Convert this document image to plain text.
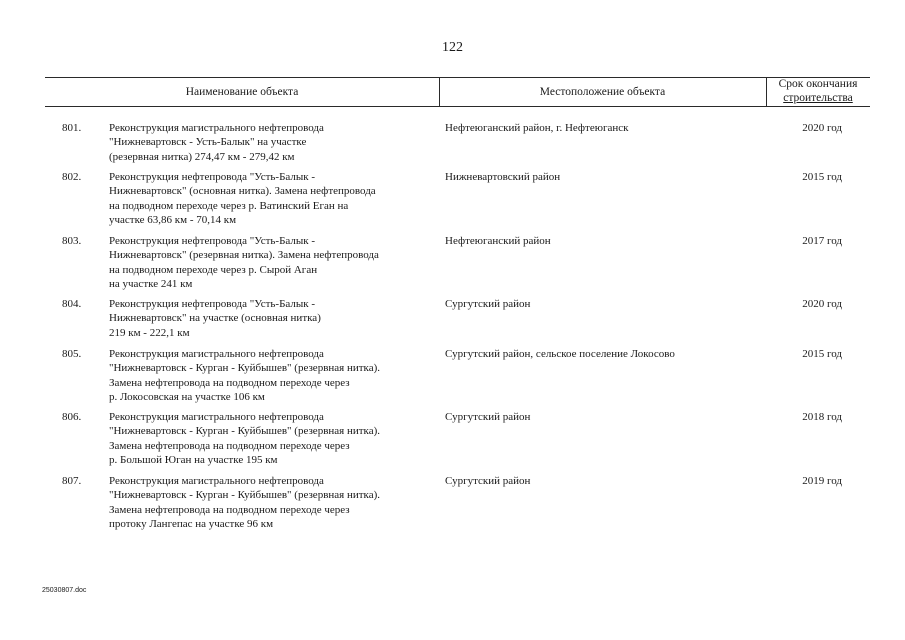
122
Наименование объекта	Местоположение объекта
Срок окончания
строительства
801.	Реконструкция магистрального нефтепровода
"Нижневартовск - Усть-Балык" на участке
(резервная нитка) 274,47 км - 279,42 км
Нефтеюганский район, г. Нефтеюганск	2020 год
802.	Реконструкция нефтепровода "Усть-Балык -
Нижневартовск" (основная нитка). Замена нефтепровода
на подводном переходе через р. Ватинский Еган на
участке 63,86 км - 70,14 км
Нижневартовский район	2015 год
803.	Реконструкция нефтепровода "Усть-Балык -
Нижневартовск" (резервная нитка). Замена нефтепровода
на подводном переходе через р. Сырой Аган
на участке 241 км
Нефтеюганский район	2017 год
804.	Реконструкция нефтепровода "Усть-Балык -
Нижневартовск" на участке (основная нитка)
219 км - 222,1 км
Сургутский район	2020 год
805.	Реконструкция магистрального нефтепровода
"Нижневартовск - Курган - Куйбышев" (резервная нитка).
Замена нефтепровода на подводном переходе через
р. Локосовская на участке 106 км
Сургутский район, сельское поселение Локосово	2015 год
806.	Реконструкция магистрального нефтепровода
"Нижневартовск - Курган - Куйбышев" (резервная нитка).
Замена нефтепровода на подводном переходе через
р. Большой Юган на участке 195 км
Сургутский район	2018 год
807.	Реконструкция магистрального нефтепровода
"Нижневартовск - Курган - Куйбышев" (резервная нитка).
Замена нефтепровода на подводном переходе через
протоку Лангепас на участке 96 км
Сургутский район	2019 год
25030807.doc
